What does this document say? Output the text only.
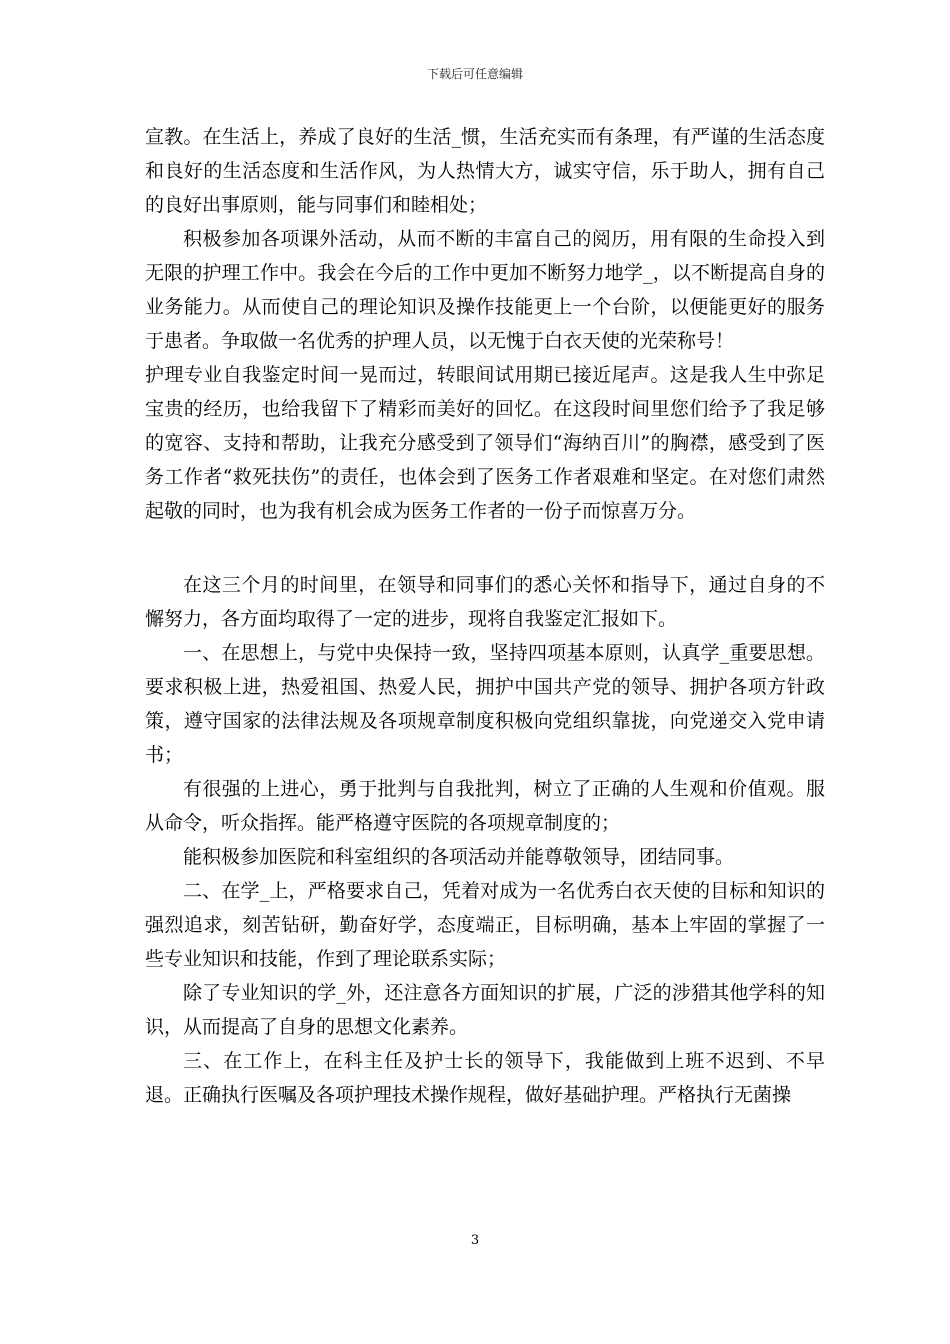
下载后可任意编辑

宣教。在生活上，养成了良好的生活_惯，生活充实而有条理，有严谨的生活态度和良好的生活态度和生活作风，为人热情大方，诚实守信，乐于助人，拥有自己的良好出事原则，能与同事们和睦相处；

积极参加各项课外活动，从而不断的丰富自己的阅历，用有限的生命投入到无限的护理工作中。我会在今后的工作中更加不断努力地学_，以不断提高自身的业务能力。从而使自己的理论知识及操作技能更上一个台阶，以便能更好的服务于患者。争取做一名优秀的护理人员，以无愧于白衣天使的光荣称号！

护理专业自我鉴定时间一晃而过，转眼间试用期已接近尾声。这是我人生中弥足宝贵的经历，也给我留下了精彩而美好的回忆。在这段时间里您们给予了我足够的宽容、支持和帮助，让我充分感受到了领导们“海纳百川”的胸襟，感受到了医务工作者“救死扶伤”的责任，也体会到了医务工作者艰难和坚定。在对您们肃然起敬的同时，也为我有机会成为医务工作者的一份子而惊喜万分。

在这三个月的时间里，在领导和同事们的悉心关怀和指导下，通过自身的不懈努力，各方面均取得了一定的进步，现将自我鉴定汇报如下。

一、在思想上，与党中央保持一致，坚持四项基本原则，认真学_重要思想。要求积极上进，热爱祖国、热爱人民，拥护中国共产党的领导、拥护各项方针政策，遵守国家的法律法规及各项规章制度积极向党组织靠拢，向党递交入党申请书；

有很强的上进心，勇于批判与自我批判，树立了正确的人生观和价值观。服从命令，听众指挥。能严格遵守医院的各项规章制度的；

能积极参加医院和科室组织的各项活动并能尊敬领导，团结同事。

二、在学_上，严格要求自己，凭着对成为一名优秀白衣天使的目标和知识的强烈追求，刻苦钻研，勤奋好学，态度端正，目标明确，基本上牢固的掌握了一些专业知识和技能，作到了理论联系实际；

除了专业知识的学_外，还注意各方面知识的扩展，广泛的涉猎其他学科的知识，从而提高了自身的思想文化素养。

三、在工作上，在科主任及护士长的领导下，我能做到上班不迟到、不早退。正确执行医嘱及各项护理技术操作规程，做好基础护理。严格执行无菌操

3
